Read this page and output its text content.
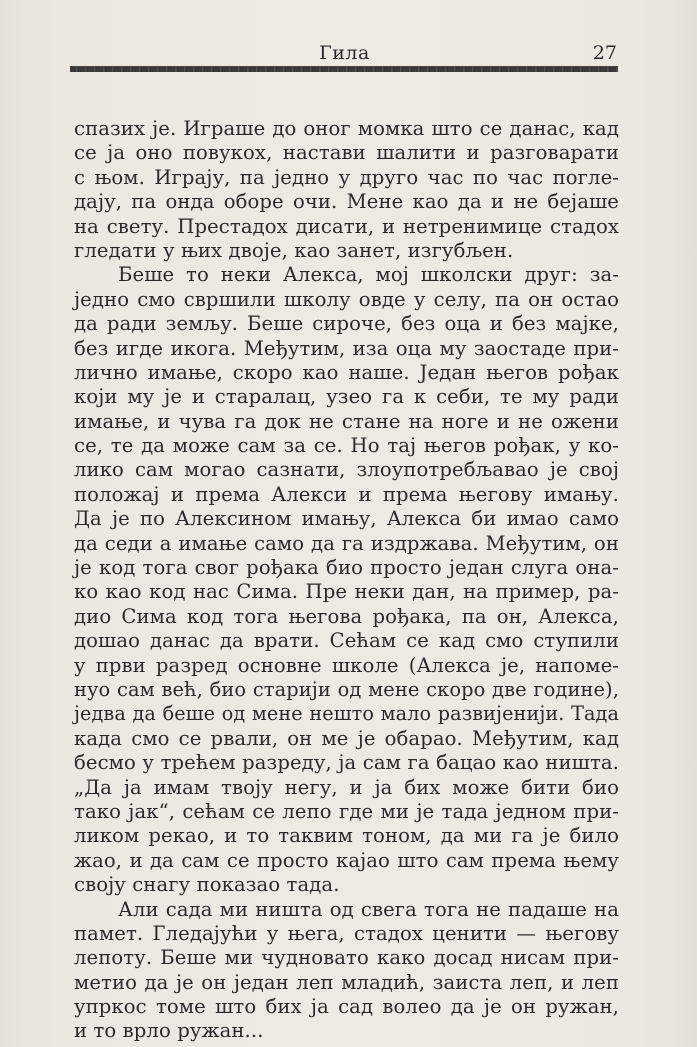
Гила	27
спазих је. Играше до оног момка што се данас, кад
се ја оно повукох, настави шалити и разговарати
с њом. Играју, па једно у друго час по час погле-
дају, па онда оборе очи. Мене као да и не бејаше
на свету. Престадох дисати, и нетренимице стадох
гледати у њих двоје, као занет, изгубљен.
Беше то неки Алекса, мој школски друг: за-
једно смо свршили школу овде у селу, па он остао
да ради земљу. Беше сироче, без оца и без мајке,
без игде икога. Међутим, иза оца му заостаде при-
лично имање, скоро као наше. Један његов рођак
који му је и старалац, узео га к себи, те му ради
имање, и чува га док не стане на ноге и не ожени
се, те да може сам за се. Но тај његов рођак, у ко-
лико сам могао сазнати, злоупотребљавао је свој
положај и према Алекси и према његову имању.
Да је по Алексином имању, Алекса би имао само
да седи а имање само да га издржава. Међутим, он
је код тога свог рођака био просто један слуга она-
ко као код нас Сима. Пре неки дан, на пример, ра-
дио Сима код тога његова рођака, па он, Алекса,
дошао данас да врати. Сећам се кад смо ступили
у први разред основне школе (Алекса је, напоме-
нуо сам већ, био старији од мене скоро две године),
једва да беше од мене нешто мало развијенији. Тада
када смо се рвали, он ме је обарао. Међутим, кад
бесмо у трећем разреду, ја сам га бацао као ништа.
„Да ја имам твоју негу, и ја бих може бити био
тако јак“, сећам се лепо где ми је тада једном при-
ликом рекао, и то таквим тоном, да ми га је било
жао, и да сам се просто кајао што сам према њему
своју снагу показао тада.
Али сада ми ништа од свега тога не падаше на
памет. Гледајући у њега, стадох ценити — његову
лепоту. Беше ми чудновато како досад нисам при-
метио да је он један леп младић, заиста леп, и леп
упркос томе што бих ја сад волео да је он ружан,
и то врло ружан...
